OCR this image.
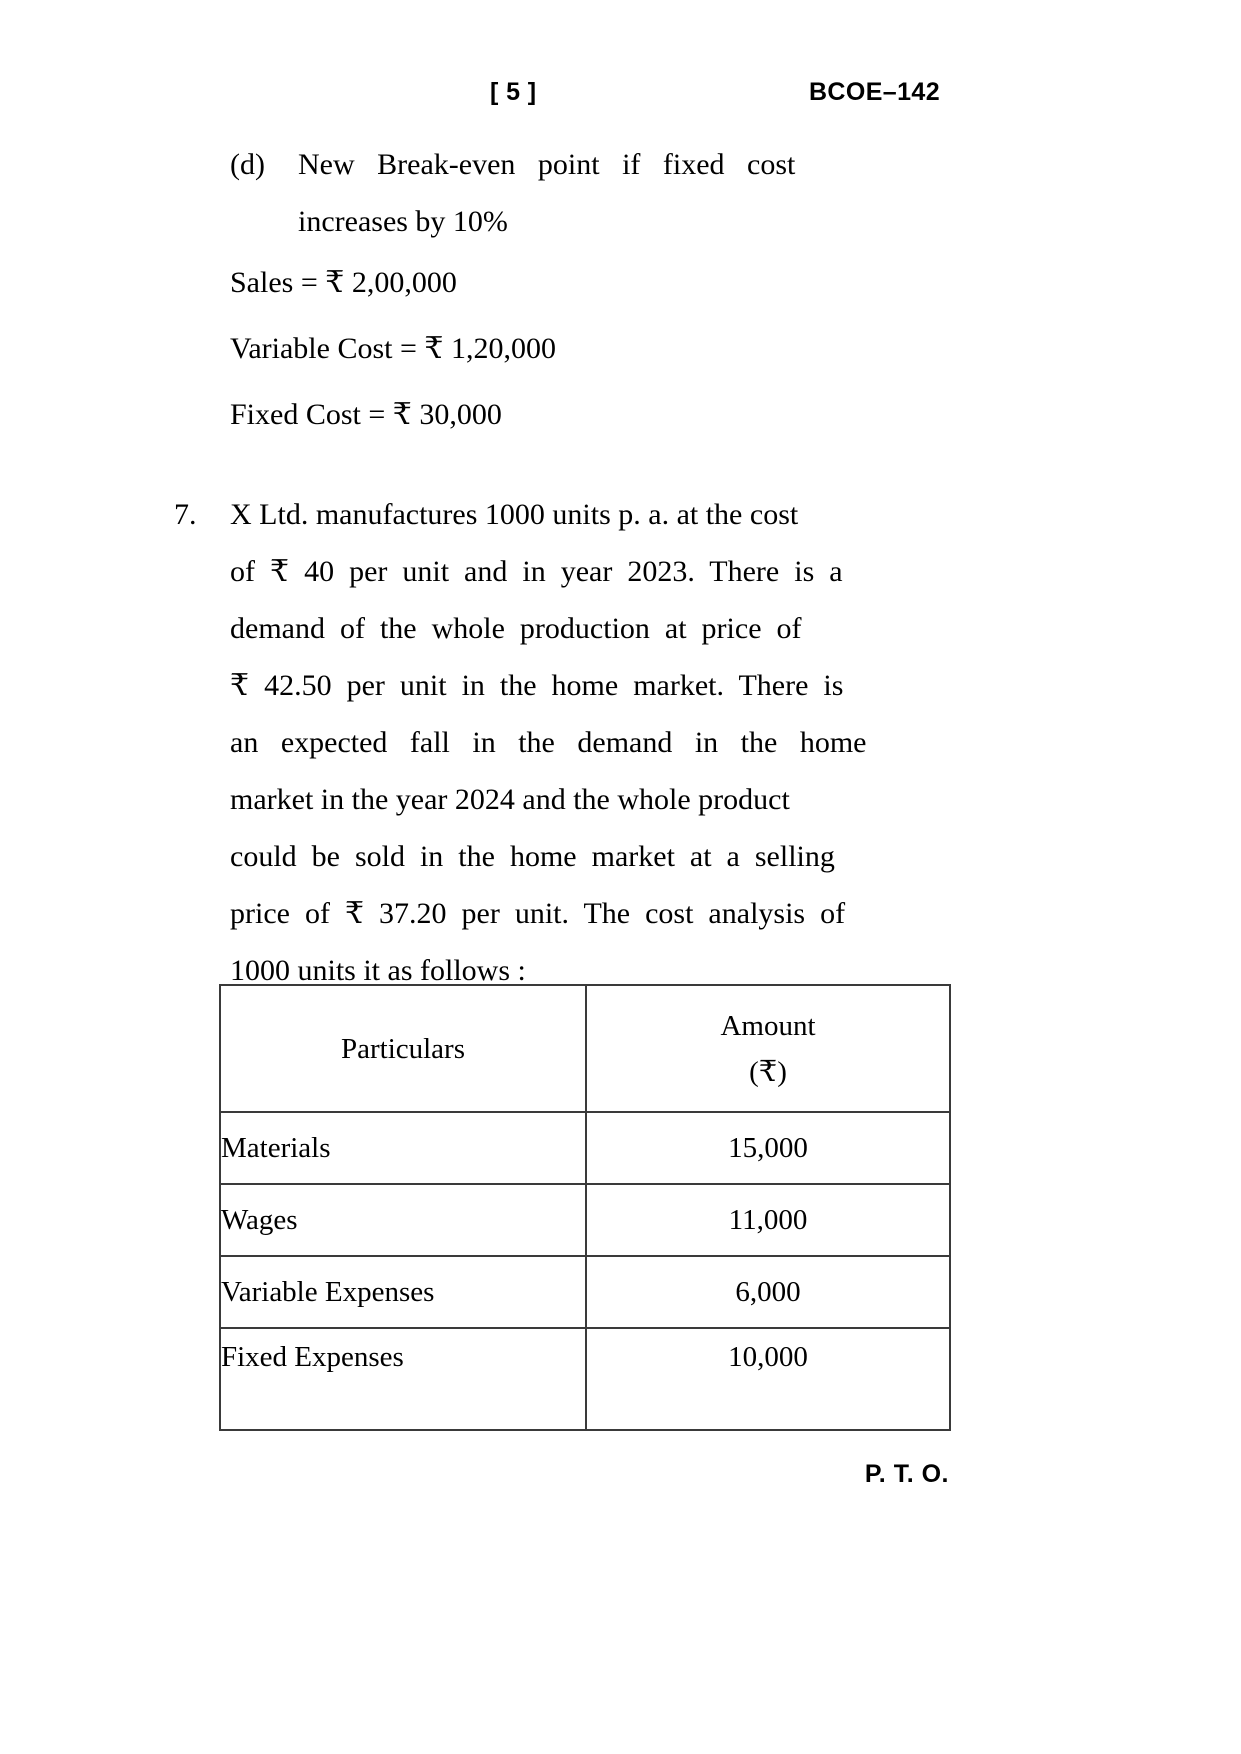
[ 5 ]	BCOE–142
(d)	New   Break-even   point   if   fixed   cost
increases by 10%
Sales = ₹ 2,00,000
Variable Cost = ₹ 1,20,000
Fixed Cost = ₹ 30,000
7.	X Ltd. manufactures 1000 units p. a. at the cost
of  ₹  40  per  unit  and  in  year  2023.  There  is  a
demand  of  the  whole  production  at  price  of
₹  42.50  per  unit  in  the  home  market.  There  is
an   expected   fall   in   the   demand   in   the   home
market in the year 2024 and the whole product
could  be  sold  in  the  home  market  at  a  selling
price  of  ₹  37.20  per  unit.  The  cost  analysis  of
1000 units it as follows :
Particulars	Amount
(₹)

Materials	15,000
Wages	11,000
Variable Expenses	6,000
Fixed Expenses	10,000
P. T. O.
